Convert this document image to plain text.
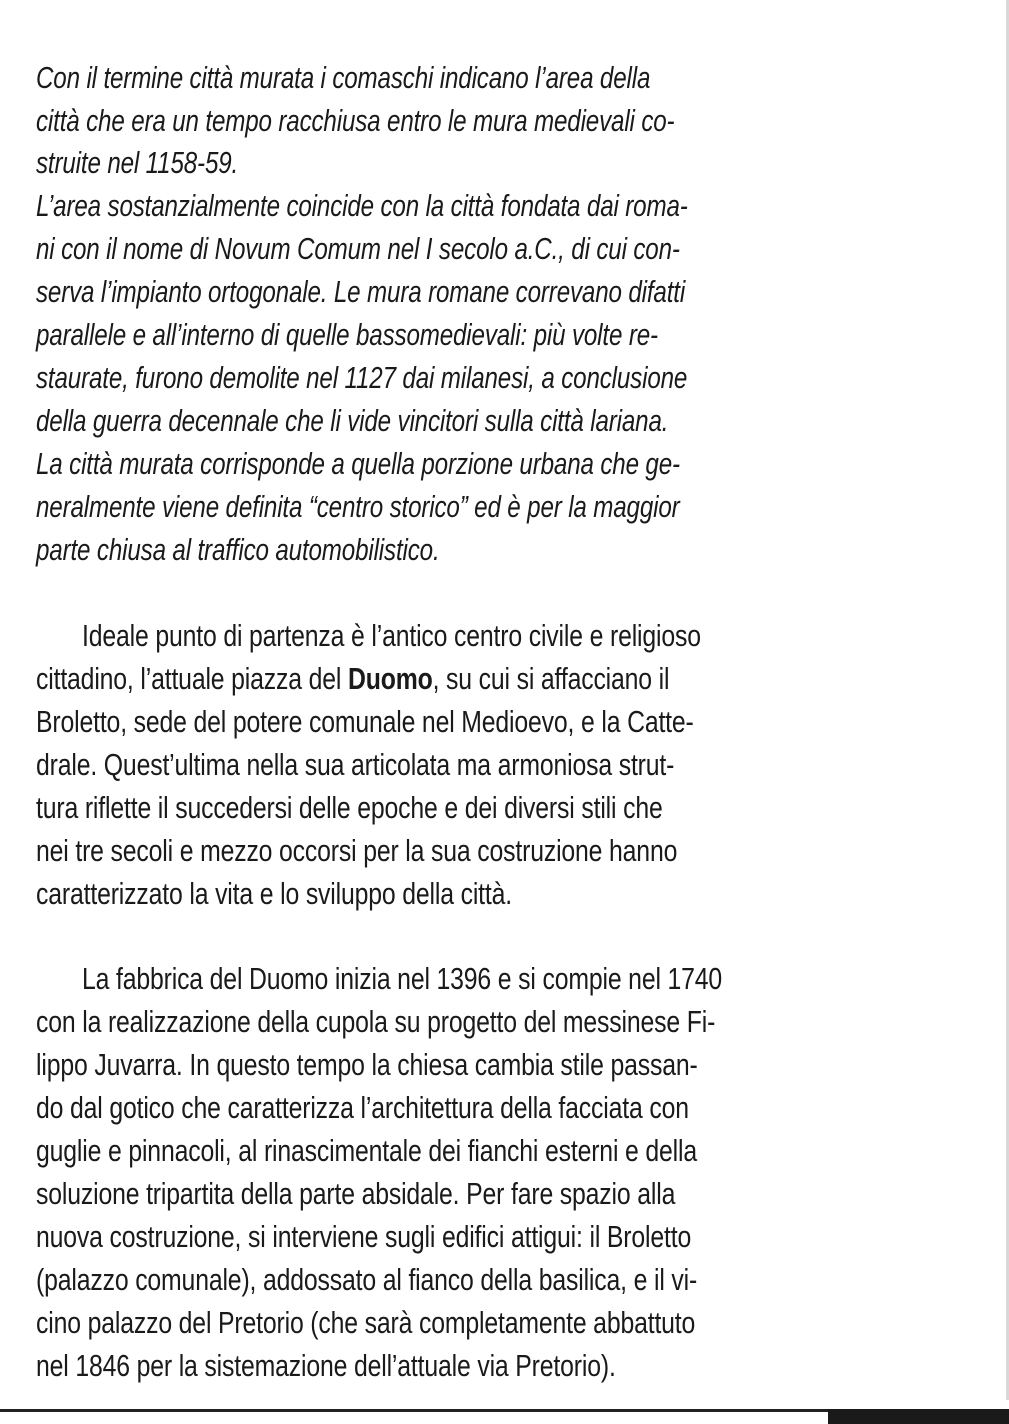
Con il termine città murata i comaschi indicano l’area della
città che era un tempo racchiusa entro le mura medievali co-
struite nel 1158-59.
L’area sostanzialmente coincide con la città fondata dai roma-
ni con il nome di Novum Comum nel I secolo a.C., di cui con-
serva l’impianto ortogonale. Le mura romane correvano difatti
parallele e all’interno di quelle bassomedievali: più volte re-
staurate, furono demolite nel 1127 dai milanesi, a conclusione
della guerra decennale che li vide vincitori sulla città lariana.
La città murata corrisponde a quella porzione urbana che ge-
neralmente viene definita “centro storico” ed è per la maggior
parte chiusa al traffico automobilistico.
Ideale punto di partenza è l’antico centro civile e religioso
cittadino, l’attuale piazza del Duomo, su cui si affacciano il
Broletto, sede del potere comunale nel Medioevo, e la Catte-
drale. Quest’ultima nella sua articolata ma armoniosa strut-
tura riflette il succedersi delle epoche e dei diversi stili che
nei tre secoli e mezzo occorsi per la sua costruzione hanno
caratterizzato la vita e lo sviluppo della città.
La fabbrica del Duomo inizia nel 1396 e si compie nel 1740
con la realizzazione della cupola su progetto del messinese Fi-
lippo Juvarra. In questo tempo la chiesa cambia stile passan-
do dal gotico che caratterizza l’architettura della facciata con
guglie e pinnacoli, al rinascimentale dei fianchi esterni e della
soluzione tripartita della parte absidale. Per fare spazio alla
nuova costruzione, si interviene sugli edifici attigui: il Broletto
(palazzo comunale), addossato al fianco della basilica, e il vi-
cino palazzo del Pretorio (che sarà completamente abbattuto
nel 1846 per la sistemazione dell’attuale via Pretorio).
